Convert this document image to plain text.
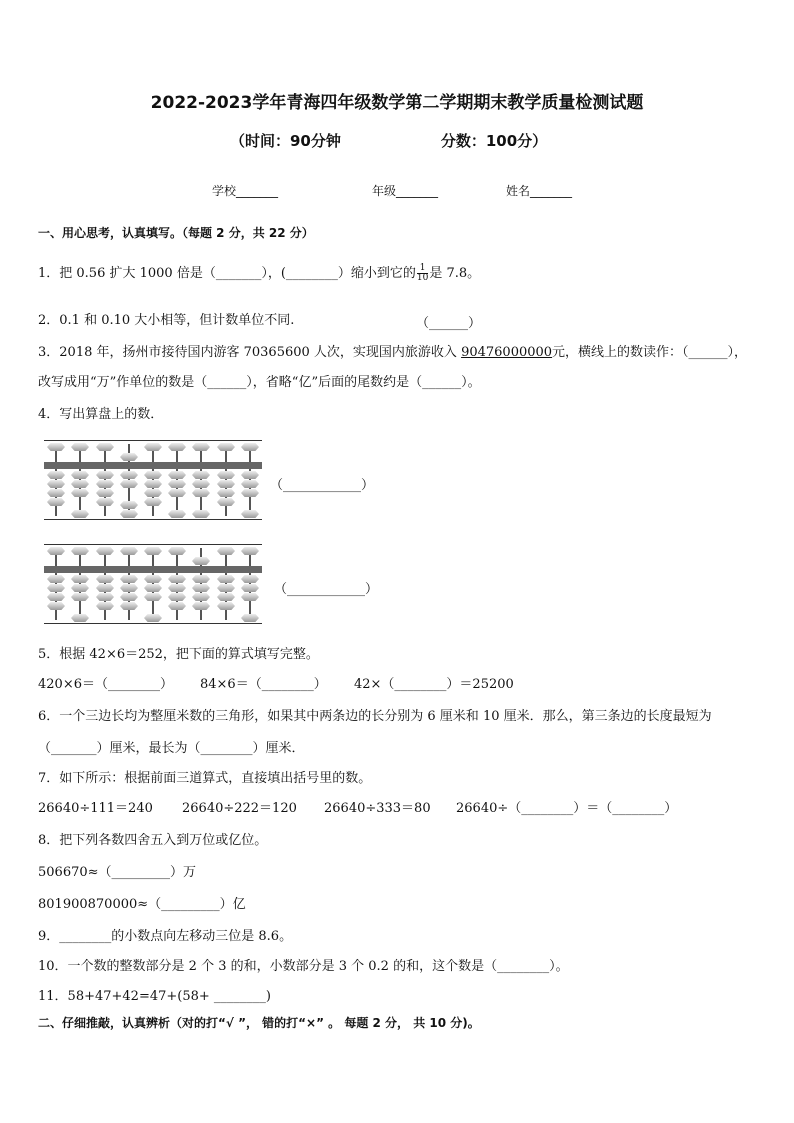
2022-2023学年青海四年级数学第二学期期末教学质量检测试题
（时间：90分钟	分数：100分）
学校_______	年级_______	姓名_______
一、用心思考，认真填写。（每题 2 分，共 22 分）
1．把 0.56 扩大 1000 倍是（_______），(________）缩小到它的 $\frac{1}{10}$ 是 7.8。
2．0.1 和 0.10 大小相等，但计数单位不同.	（______）
3．2018 年，扬州市接待国内游客 70365600 人次，实现国内旅游收入 90476000000元，横线上的数读作：（______），
改写成用“万”作单位的数是（______），省略“亿”后面的尾数约是（______）。
4．写出算盘上的数．
（____________）
（____________）
5．根据 42×6＝252，把下面的算式填写完整。
420×6＝（________） 84×6＝（________） 42×（________）＝25200
6．一个三边长均为整厘米数的三角形，如果其中两条边的长分别为 6 厘米和 10 厘米．那么，第三条边的长度最短为
（_______）厘米，最长为（________）厘米．
7．如下所示：根据前面三道算式，直接填出括号里的数。
26640÷111＝240 26640÷222＝120 26640÷333＝80 26640÷（________）＝（________）
8．把下列各数四舍五入到万位或亿位。
506670≈（_________）万
801900870000≈（_________）亿
9．________的小数点向左移动三位是 8.6。
10．一个数的整数部分是 2 个 3 的和，小数部分是 3 个 0.2 的和，这个数是（________）。
11．58+47+42=47+(58+ ________)
二、仔细推敲，认真辨析（对的打“√ ”， 错的打“×” 。 每题 2 分， 共 10 分)。
